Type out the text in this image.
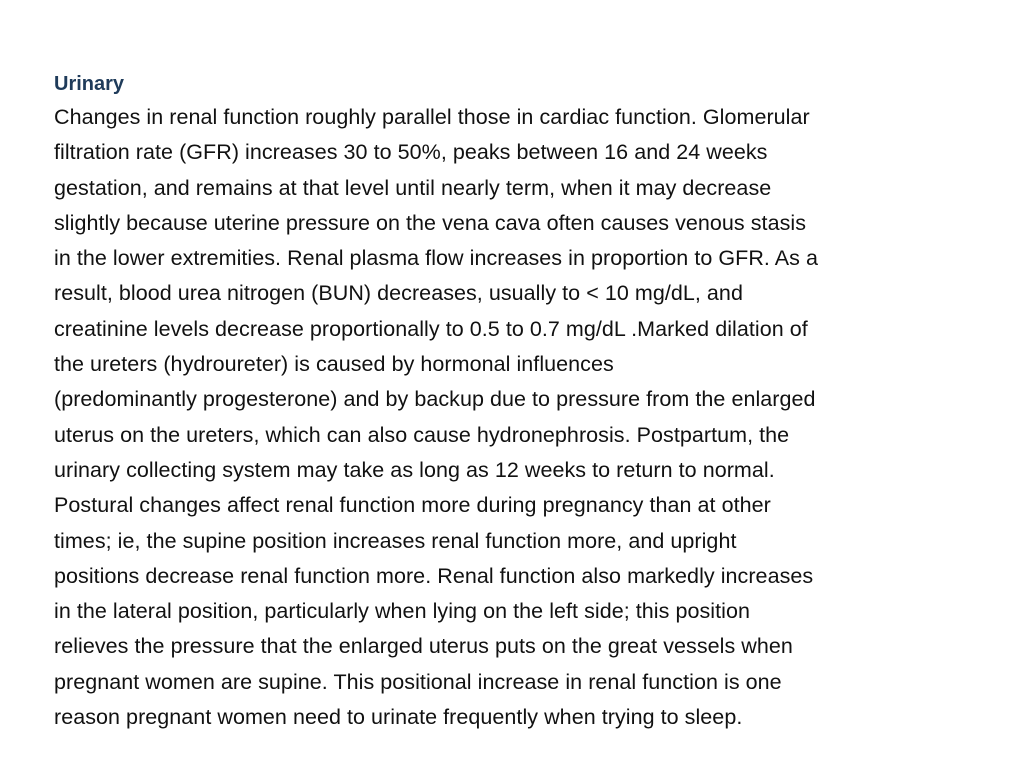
Urinary

Changes in renal function roughly parallel those in cardiac function. Glomerular
filtration rate (GFR) increases 30 to 50%, peaks between 16 and 24 weeks
gestation, and remains at that level until nearly term, when it may decrease
slightly because uterine pressure on the vena cava often causes venous stasis
in the lower extremities. Renal plasma flow increases in proportion to GFR. As a
result, blood urea nitrogen (BUN) decreases, usually to < 10 mg/dL, and
creatinine levels decrease proportionally to 0.5 to 0.7 mg/dL .Marked dilation of
the ureters (hydroureter) is caused by hormonal influences
(predominantly progesterone) and by backup due to pressure from the enlarged
uterus on the ureters, which can also cause hydronephrosis. Postpartum, the
urinary collecting system may take as long as 12 weeks to return to normal.
Postural changes affect renal function more during pregnancy than at other
times; ie, the supine position increases renal function more, and upright
positions decrease renal function more. Renal function also markedly increases
in the lateral position, particularly when lying on the left side; this position
relieves the pressure that the enlarged uterus puts on the great vessels when
pregnant women are supine. This positional increase in renal function is one
reason pregnant women need to urinate frequently when trying to sleep.
